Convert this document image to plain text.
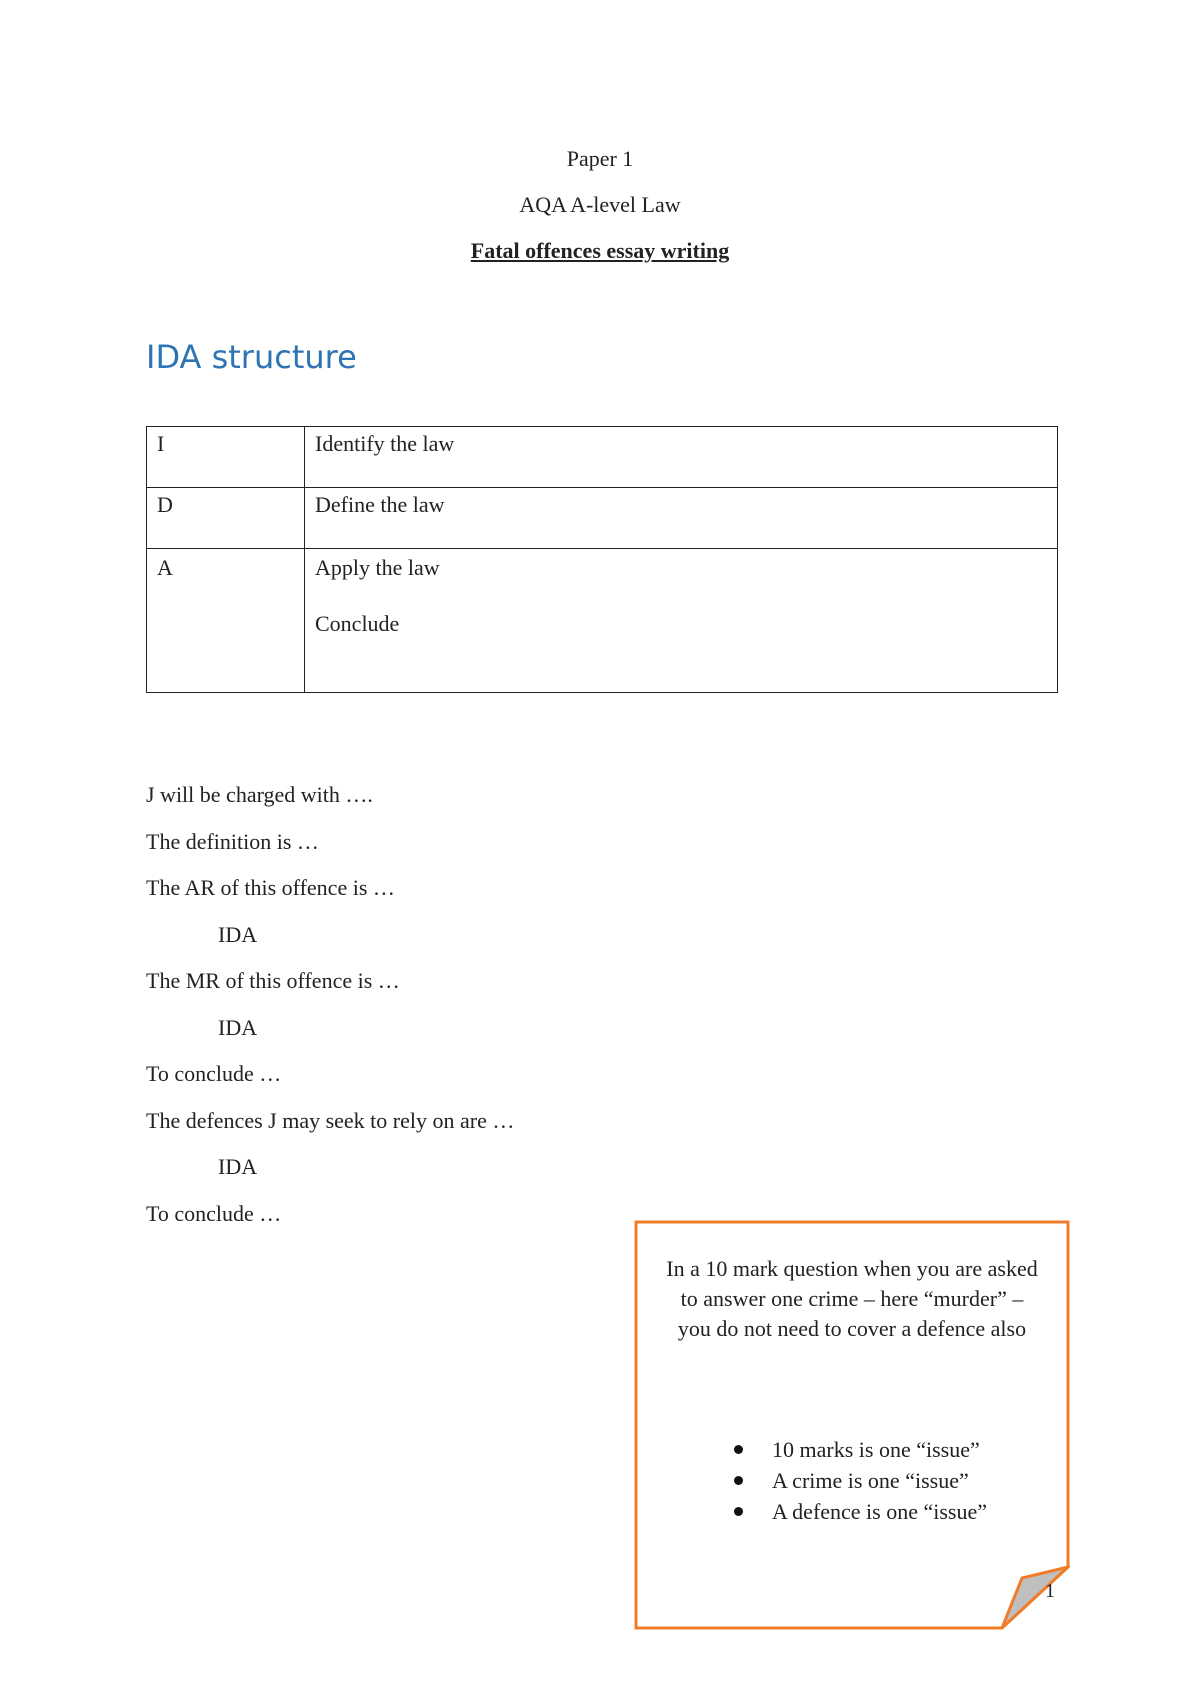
Paper 1
AQA A-level Law
Fatal offences essay writing
IDA structure
I	Identify the law

D	Define the law

A	Apply the law
Conclude
J will be charged with ….
The definition is …
The AR of this offence is …
IDA
The MR of this offence is …
IDA
To conclude …
The defences J may seek to rely on are …
IDA
To conclude …
In a 10 mark question when you are asked to answer one crime – here “murder” – you do not need to cover a defence also
10 marks is one “issue”
A crime is one “issue”
A defence is one “issue”
1
